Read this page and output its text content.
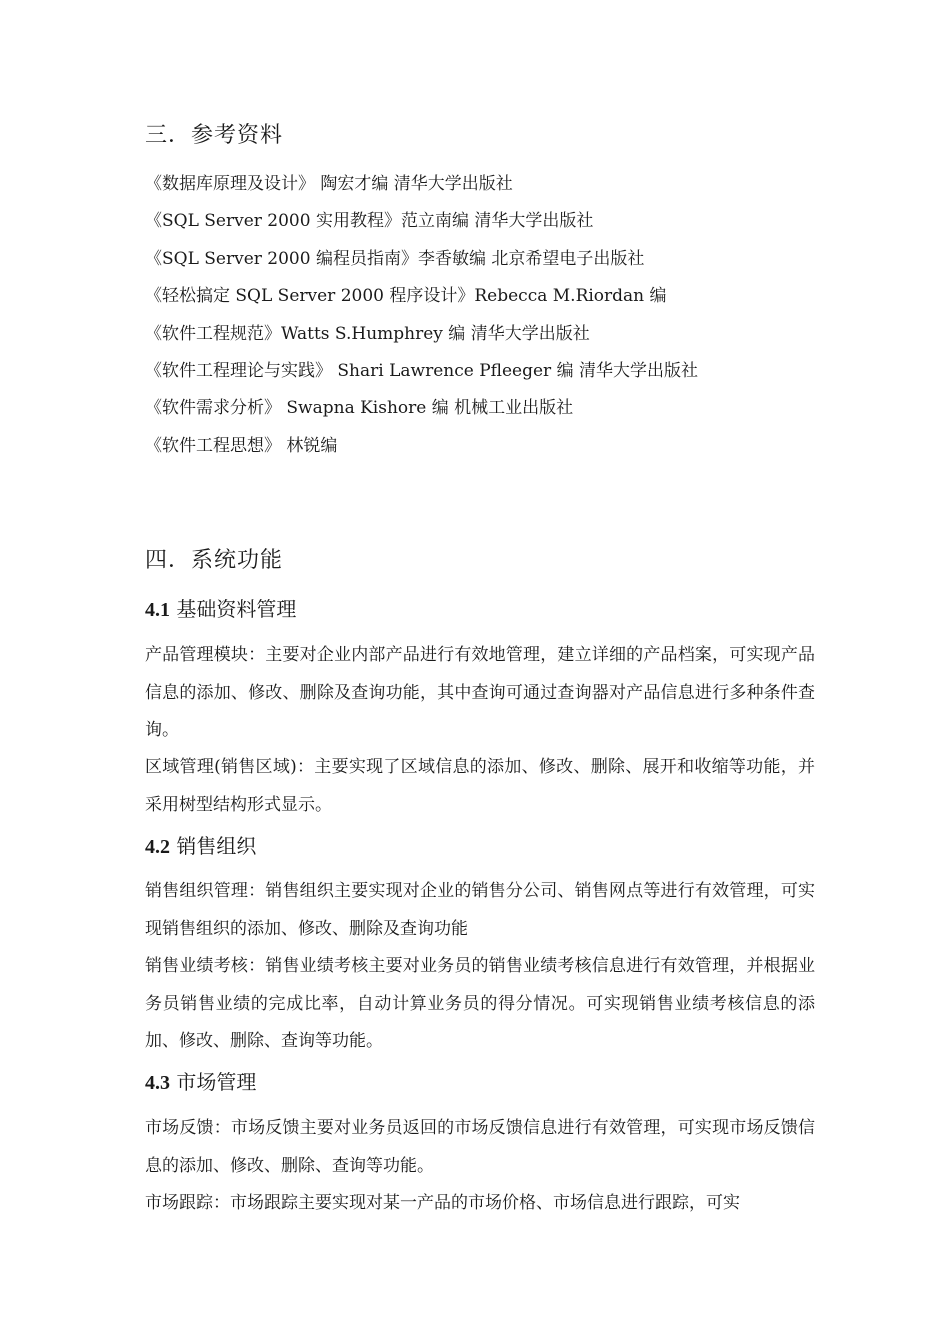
三．参考资料
《数据库原理及设计》 陶宏才编 清华大学出版社
《SQL Server 2000 实用教程》范立南编 清华大学出版社
《SQL Server 2000 编程员指南》李香敏编 北京希望电子出版社
《轻松搞定 SQL Server 2000 程序设计》Rebecca M.Riordan 编
《软件工程规范》Watts S.Humphrey 编 清华大学出版社
《软件工程理论与实践》 Shari Lawrence Pfleeger 编 清华大学出版社
《软件需求分析》 Swapna Kishore 编 机械工业出版社
《软件工程思想》 林锐编
四．系统功能
4.1 基础资料管理

产品管理模块：主要对企业内部产品进行有效地管理，建立详细的产品档案，可实现产品信息的添加、修改、删除及查询功能，其中查询可通过查询器对产品信息进行多种条件查询。

区域管理(销售区域)：主要实现了区域信息的添加、修改、删除、展开和收缩等功能，并采用树型结构形式显示。

4.2 销售组织

销售组织管理：销售组织主要实现对企业的销售分公司、销售网点等进行有效管理，可实现销售组织的添加、修改、删除及查询功能

销售业绩考核：销售业绩考核主要对业务员的销售业绩考核信息进行有效管理，并根据业务员销售业绩的完成比率，自动计算业务员的得分情况。可实现销售业绩考核信息的添加、修改、删除、查询等功能。

4.3 市场管理

市场反馈：市场反馈主要对业务员返回的市场反馈信息进行有效管理，可实现市场反馈信息的添加、修改、删除、查询等功能。

市场跟踪：市场跟踪主要实现对某一产品的市场价格、市场信息进行跟踪，可实
